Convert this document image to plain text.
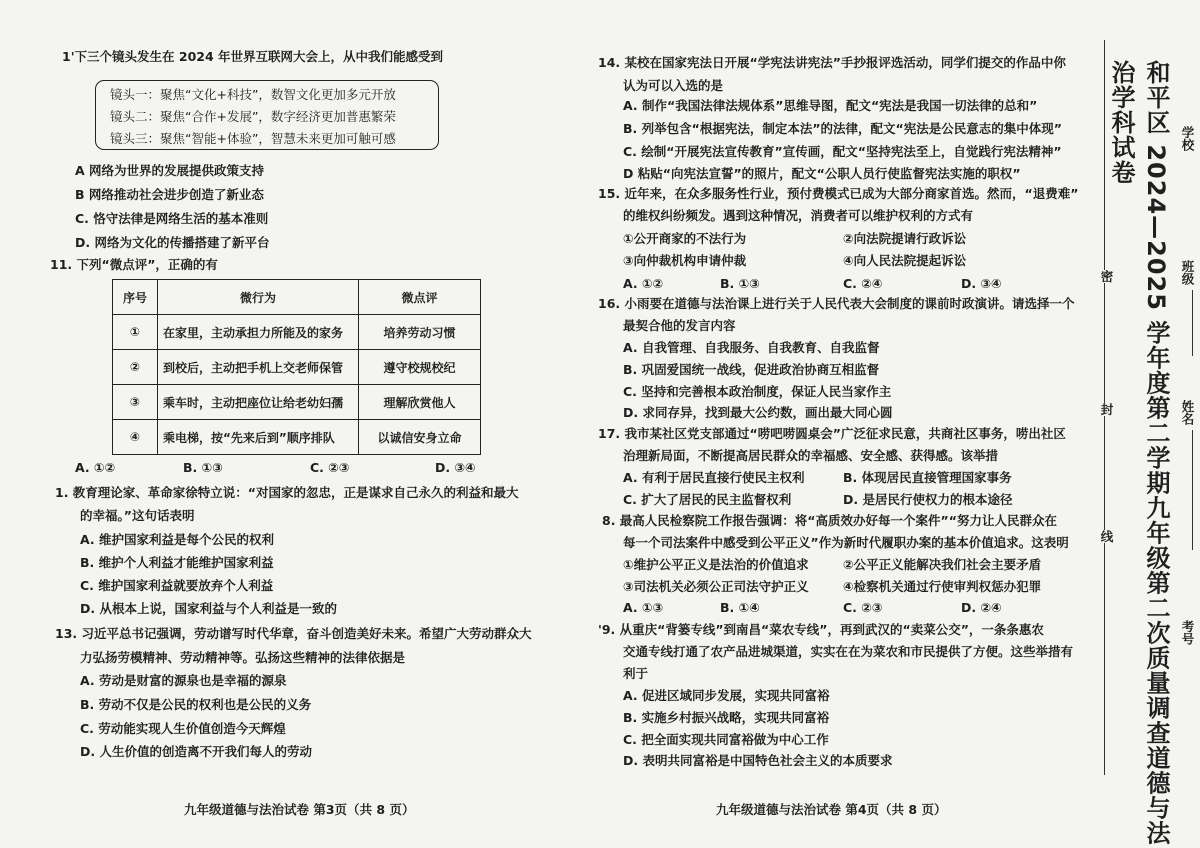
1'下三个镜头发生在 2024 年世界互联网大会上，从中我们能感受到
镜头一：聚焦“文化+科技”，数智文化更加多元开放
镜头二：聚焦“合作+发展”，数字经济更加普惠繁荣
镜头三：聚焦“智能+体验”，智慧未来更加可触可感
A 网络为世界的发展提供政策支持
B 网络推动社会进步创造了新业态
C. 恪守法律是网络生活的基本准则
D. 网络为文化的传播搭建了新平台
11. 下列“微点评”，正确的有
序号	微行为	微点评
①	在家里，主动承担力所能及的家务	培养劳动习惯
②	到校后，主动把手机上交老师保管	遵守校规校纪
③	乘车时，主动把座位让给老幼妇孺	理解欣赏他人
④	乘电梯，按“先来后到”顺序排队	以诚信安身立命
A. ①②	B. ①③	C. ②③	D. ③④
1. 教育理论家、革命家徐特立说：“对国家的忽忠，正是谋求自己永久的利益和最大
的幸福。”这句话表明
A. 维护国家利益是每个公民的权利
B. 维护个人利益才能维护国家利益
C. 维护国家利益就要放弃个人利益
D. 从根本上说，国家利益与个人利益是一致的
13. 习近平总书记强调，劳动谱写时代华章，奋斗创造美好未来。希望广大劳动群众大
力弘扬劳模精神、劳动精神等。弘扬这些精神的法律依据是
A. 劳动是财富的源泉也是幸福的源泉
B. 劳动不仅是公民的权利也是公民的义务
C. 劳动能实现人生价值创造今天辉煌
D. 人生价值的创造离不开我们每人的劳动
九年级道德与法治试卷 第3页（共 8 页）
14. 某校在国家宪法日开展“学宪法讲宪法”手抄报评选活动，同学们提交的作品中你
认为可以入选的是
A. 制作“我国法律法规体系”思维导图，配文“宪法是我国一切法律的总和”
B. 列举包含“根据宪法，制定本法”的法律，配文“宪法是公民意志的集中体现”
C. 绘制“开展宪法宣传教育”宣传画，配文“坚持宪法至上，自觉践行宪法精神”
D 粘贴“向宪法宣誓”的照片，配文“公职人员行使监督宪法实施的职权”
15. 近年来，在众多服务性行业，预付费模式已成为大部分商家首选。然而，“退费难”
的维权纠纷频发。遇到这种情况，消费者可以维护权利的方式有
①公开商家的不法行为	②向法院提请行政诉讼
③向仲裁机构申请仲裁	④向人民法院提起诉讼
A. ①②	B. ①③	C. ②④	D. ③④
16. 小雨要在道德与法治课上进行关于人民代表大会制度的课前时政演讲。请选择一个
最契合他的发言内容
A. 自我管理、自我服务、自我教育、自我监督
B. 巩固爱国统一战线，促进政治协商互相监督
C. 坚持和完善根本政治制度，保证人民当家作主
D. 求同存异，找到最大公约数，画出最大同心圆
17. 我市某社区党支部通过“唠吧唠圆桌会”广泛征求民意，共商社区事务，唠出社区
治理新局面，不断提高居民群众的幸福感、安全感、获得感。该举措
A. 有利于居民直接行使民主权利	B. 体现居民直接管理国家事务
C. 扩大了居民的民主监督权利	D. 是居民行使权力的根本途径
8. 最高人民检察院工作报告强调：将“高质效办好每一个案件”“努力让人民群众在
每一个司法案件中感受到公平正义”作为新时代履职办案的基本价值追求。这表明
①维护公平正义是法治的价值追求	②公平正义能解决我们社会主要矛盾
③司法机关必须公正司法守护正义	④检察机关通过行使审判权惩办犯罪
A. ①③	B. ①④	C. ②③	D. ②④
'9. 从重庆“背篓专线”到南昌“菜农专线”，再到武汉的“卖菜公交”，一条条惠农
交通专线打通了农产品进城渠道，实实在在为菜农和市民提供了方便。这些举措有
利于
A. 促进区域同步发展，实现共同富裕
B. 实施乡村振兴战略，实现共同富裕
C. 把全面实现共同富裕做为中心工作
D. 表明共同富裕是中国特色社会主义的本质要求
九年级道德与法治试卷 第4页（共 8 页）
密
封
线 和平区 2024—2025 学年度第二学期九年级第二次质量调查道德与法治学科试卷	学校
班级
姓名
考号
